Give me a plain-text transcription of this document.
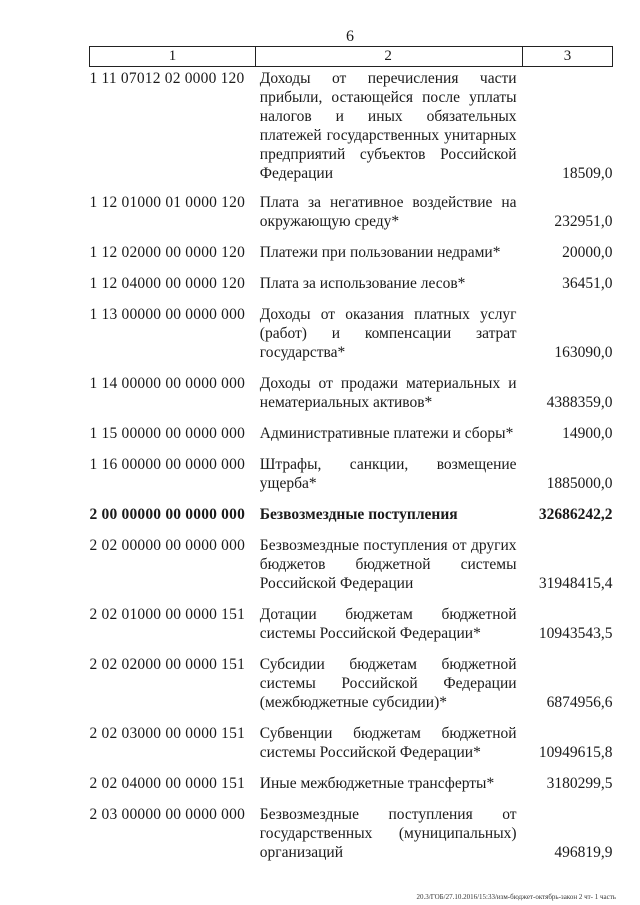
6
1	2	3
1 11 07012 02 0000 120	Доходы от перечисления части прибыли, остающейся после уплаты налогов и иных обязательных платежей государственных унитарных предприятий субъектов Российской Федерации	18509,0
1 12 01000 01 0000 120	Плата за негативное воздействие на окружающую среду*	232951,0
1 12 02000 00 0000 120	Платежи при пользовании недрами*	20000,0
1 12 04000 00 0000 120	Плата за использование лесов*	36451,0
1 13 00000 00 0000 000	Доходы от оказания платных услуг (работ) и компенсации затрат государства*	163090,0
1 14 00000 00 0000 000	Доходы от продажи материальных и нематериальных активов*	4388359,0
1 15 00000 00 0000 000	Административные платежи и сборы*	14900,0
1 16 00000 00 0000 000	Штрафы, санкции, возмещение ущерба*	1885000,0
2 00 00000 00 0000 000	Безвозмездные поступления	32686242,2
2 02 00000 00 0000 000	Безвозмездные поступления от других бюджетов бюджетной системы Российской Федерации	31948415,4
2 02 01000 00 0000 151	Дотации бюджетам бюджетной системы Российской Федерации*	10943543,5
2 02 02000 00 0000 151	Субсидии бюджетам бюджетной системы Российской Федерации (межбюджетные субсидии)*	6874956,6
2 02 03000 00 0000 151	Субвенции бюджетам бюджетной системы Российской Федерации*	10949615,8
2 02 04000 00 0000 151	Иные межбюджетные трансферты*	3180299,5
2 03 00000 00 0000 000	Безвозмездные поступления от государственных (муниципальных) организаций	496819,9
20.3/ГОБ/27.10.2016/15:33/изм-бюджет-октябрь-закон 2 чт- 1 часть
